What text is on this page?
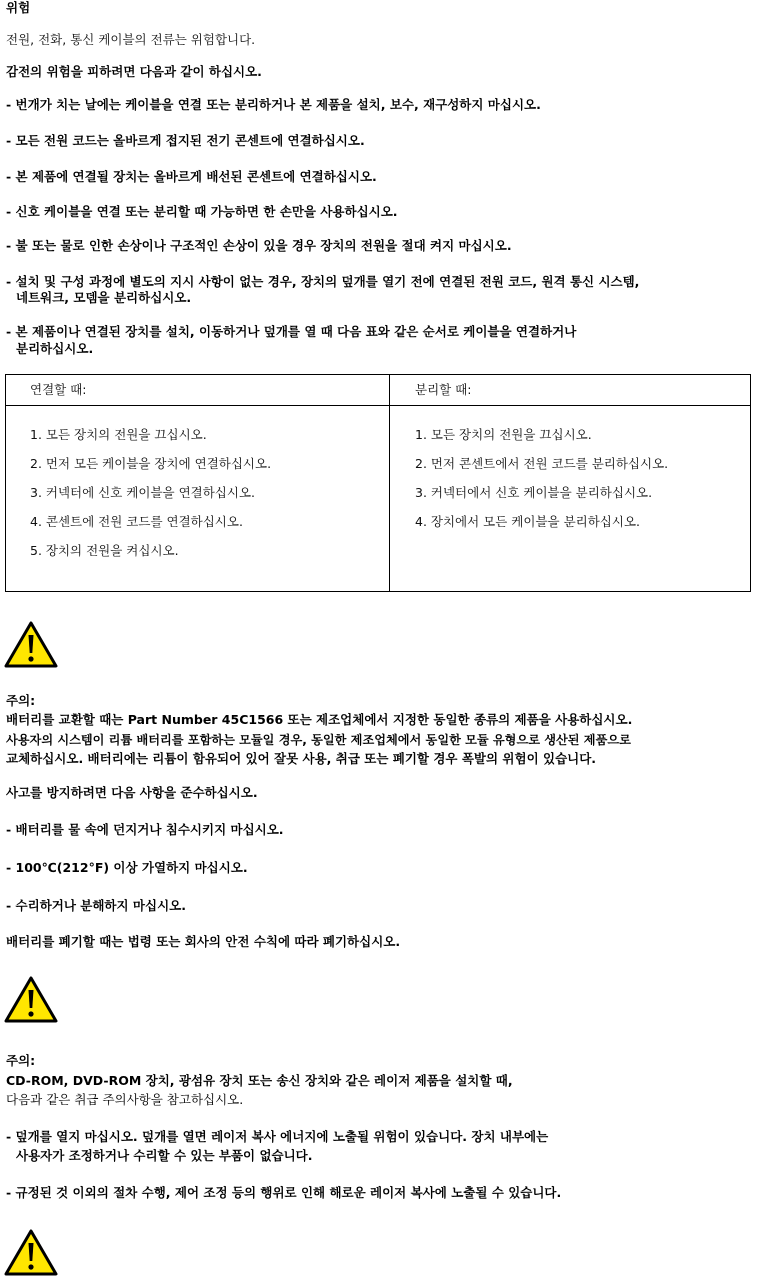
위험
전원, 전화, 통신 케이블의 전류는 위험합니다.
감전의 위험을 피하려면 다음과 같이 하십시오.
- 번개가 치는 날에는 케이블을 연결 또는 분리하거나 본 제품을 설치, 보수, 재구성하지 마십시오.
- 모든 전원 코드는 올바르게 접지된 전기 콘센트에 연결하십시오.
- 본 제품에 연결될 장치는 올바르게 배선된 콘센트에 연결하십시오.
- 신호 케이블을 연결 또는 분리할 때 가능하면 한 손만을 사용하십시오.
- 불 또는 물로 인한 손상이나 구조적인 손상이 있을 경우 장치의 전원을 절대 켜지 마십시오.
- 설치 및 구성 과정에 별도의 지시 사항이 없는 경우, 장치의 덮개를 열기 전에 연결된 전원 코드, 원격 통신 시스템,
네트워크, 모뎀을 분리하십시오.
- 본 제품이나 연결된 장치를 설치, 이동하거나 덮개를 열 때 다음 표와 같은 순서로 케이블을 연결하거나
분리하십시오.
연결할 때:	분리할 때:
1. 모든 장치의 전원을 끄십시오.
2. 먼저 모든 케이블을 장치에 연결하십시오.
3. 커넥터에 신호 케이블을 연결하십시오.
4. 콘센트에 전원 코드를 연결하십시오.
5. 장치의 전원을 켜십시오.
1. 모든 장치의 전원을 끄십시오.
2. 먼저 콘센트에서 전원 코드를 분리하십시오.
3. 커넥터에서 신호 케이블을 분리하십시오.
4. 장치에서 모든 케이블을 분리하십시오.
주의:
배터리를 교환할 때는 Part Number 45C1566 또는 제조업체에서 지정한 동일한 종류의 제품을 사용하십시오.
사용자의 시스템이 리튬 배터리를 포함하는 모듈일 경우, 동일한 제조업체에서 동일한 모듈 유형으로 생산된 제품으로
교체하십시오. 배터리에는 리튬이 함유되어 있어 잘못 사용, 취급 또는 폐기할 경우 폭발의 위험이 있습니다.
사고를 방지하려면 다음 사항을 준수하십시오.
- 배터리를 물 속에 던지거나 침수시키지 마십시오.
- 100℃(212°F) 이상 가열하지 마십시오.
- 수리하거나 분해하지 마십시오.
배터리를 폐기할 때는 법령 또는 회사의 안전 수칙에 따라 폐기하십시오.
주의:
CD-ROM, DVD-ROM 장치, 광섬유 장치 또는 송신 장치와 같은 레이저 제품을 설치할 때,
다음과 같은 취급 주의사항을 참고하십시오.
- 덮개를 열지 마십시오. 덮개를 열면 레이저 복사 에너지에 노출될 위험이 있습니다. 장치 내부에는
사용자가 조정하거나 수리할 수 있는 부품이 없습니다.
- 규정된 것 이외의 절차 수행, 제어 조정 등의 행위로 인해 해로운 레이저 복사에 노출될 수 있습니다.
